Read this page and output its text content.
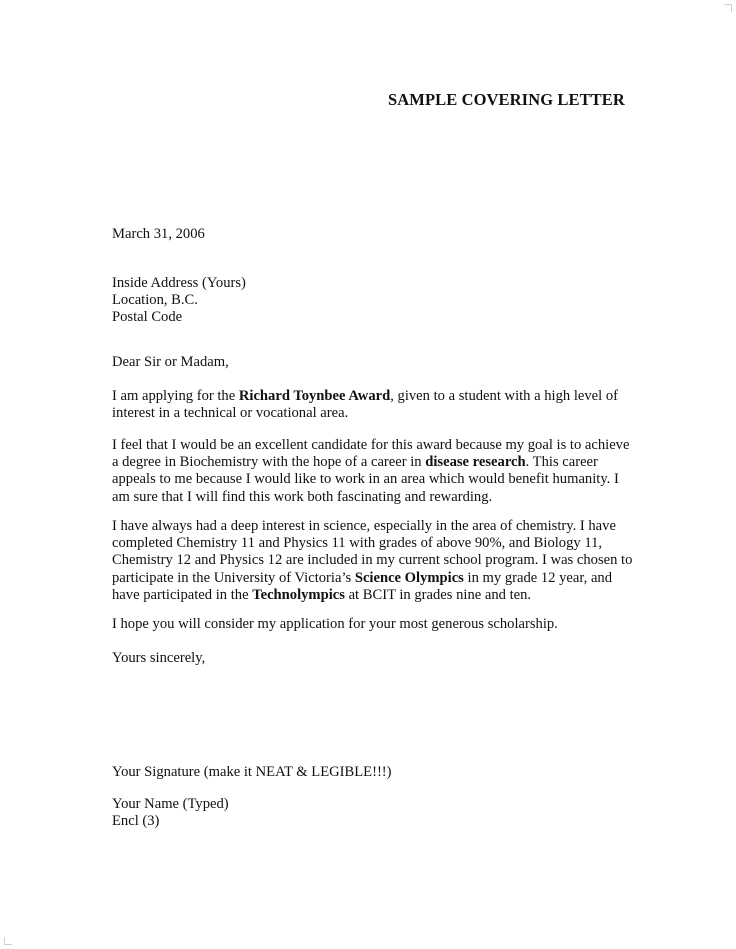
SAMPLE COVERING LETTER
March 31, 2006
Inside Address (Yours)
Location, B.C.
Postal Code
Dear Sir or Madam,
I am applying for the Richard Toynbee Award, given to a student with a high level of
interest in a technical or vocational area.
I feel that I would be an excellent candidate for this award because my goal is to achieve
a degree in Biochemistry with the hope of a career in disease research. This career
appeals to me because I would like to work in an area which would benefit humanity. I
am sure that I will find this work both fascinating and rewarding.
I have always had a deep interest in science, especially in the area of chemistry. I have
completed Chemistry 11 and Physics 11 with grades of above 90%, and Biology 11,
Chemistry 12 and Physics 12 are included in my current school program. I was chosen to
participate in the University of Victoria’s Science Olympics in my grade 12 year, and
have participated in the Technolympics at BCIT in grades nine and ten.
I hope you will consider my application for your most generous scholarship.
Yours sincerely,
Your Signature (make it NEAT & LEGIBLE!!!)
Your Name (Typed)
Encl (3)
